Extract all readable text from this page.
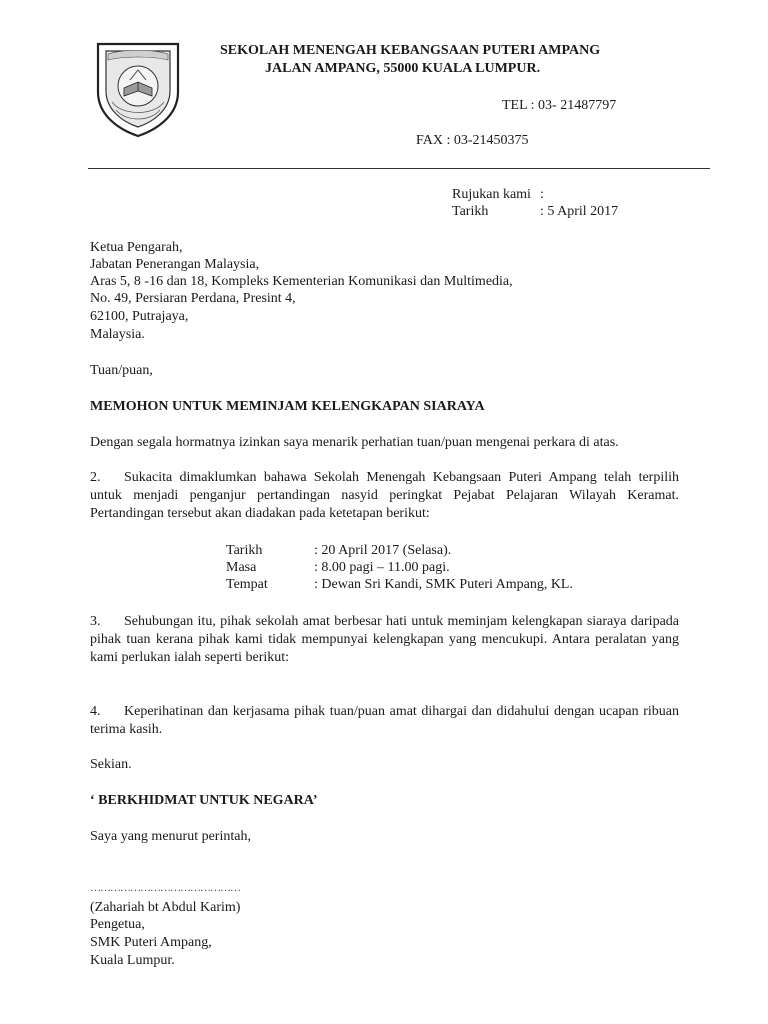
SEKOLAH MENENGAH KEBANGSAAN PUTERI AMPANG
JALAN AMPANG, 55000 KUALA LUMPUR.
TEL : 03- 21487797
FAX : 03-21450375
Rujukan kami :
Tarikh	: 5 April 2017
Ketua Pengarah,
Jabatan Penerangan Malaysia,
Aras 5, 8 -16 dan 18, Kompleks Kementerian Komunikasi dan Multimedia,
No. 49, Persiaran Perdana, Presint 4,
62100, Putrajaya,
Malaysia.
Tuan/puan,
MEMOHON UNTUK MEMINJAM KELENGKAPAN SIARAYA
Dengan segala hormatnya izinkan saya menarik perhatian tuan/puan mengenai perkara di atas.
2. Sukacita dimaklumkan bahawa Sekolah Menengah Kebangsaan Puteri Ampang telah terpilih untuk menjadi penganjur pertandingan nasyid peringkat Pejabat Pelajaran Wilayah Keramat. Pertandingan tersebut akan diadakan pada ketetapan berikut:
Tarikh	: 20 April 2017 (Selasa).
Masa	: 8.00 pagi – 11.00 pagi.
Tempat	: Dewan Sri Kandi, SMK Puteri Ampang, KL.
3. Sehubungan itu, pihak sekolah amat berbesar hati untuk meminjam kelengkapan siaraya daripada pihak tuan kerana pihak kami tidak mempunyai kelengkapan yang mencukupi. Antara peralatan yang kami perlukan ialah seperti berikut:
4. Keperihatinan dan kerjasama pihak tuan/puan amat dihargai dan didahului dengan ucapan ribuan terima kasih.
Sekian.
‘ BERKHIDMAT UNTUK NEGARA’
Saya yang menurut perintah,
………………………………………
(Zahariah bt Abdul Karim)
Pengetua,
SMK Puteri Ampang,
Kuala Lumpur.
